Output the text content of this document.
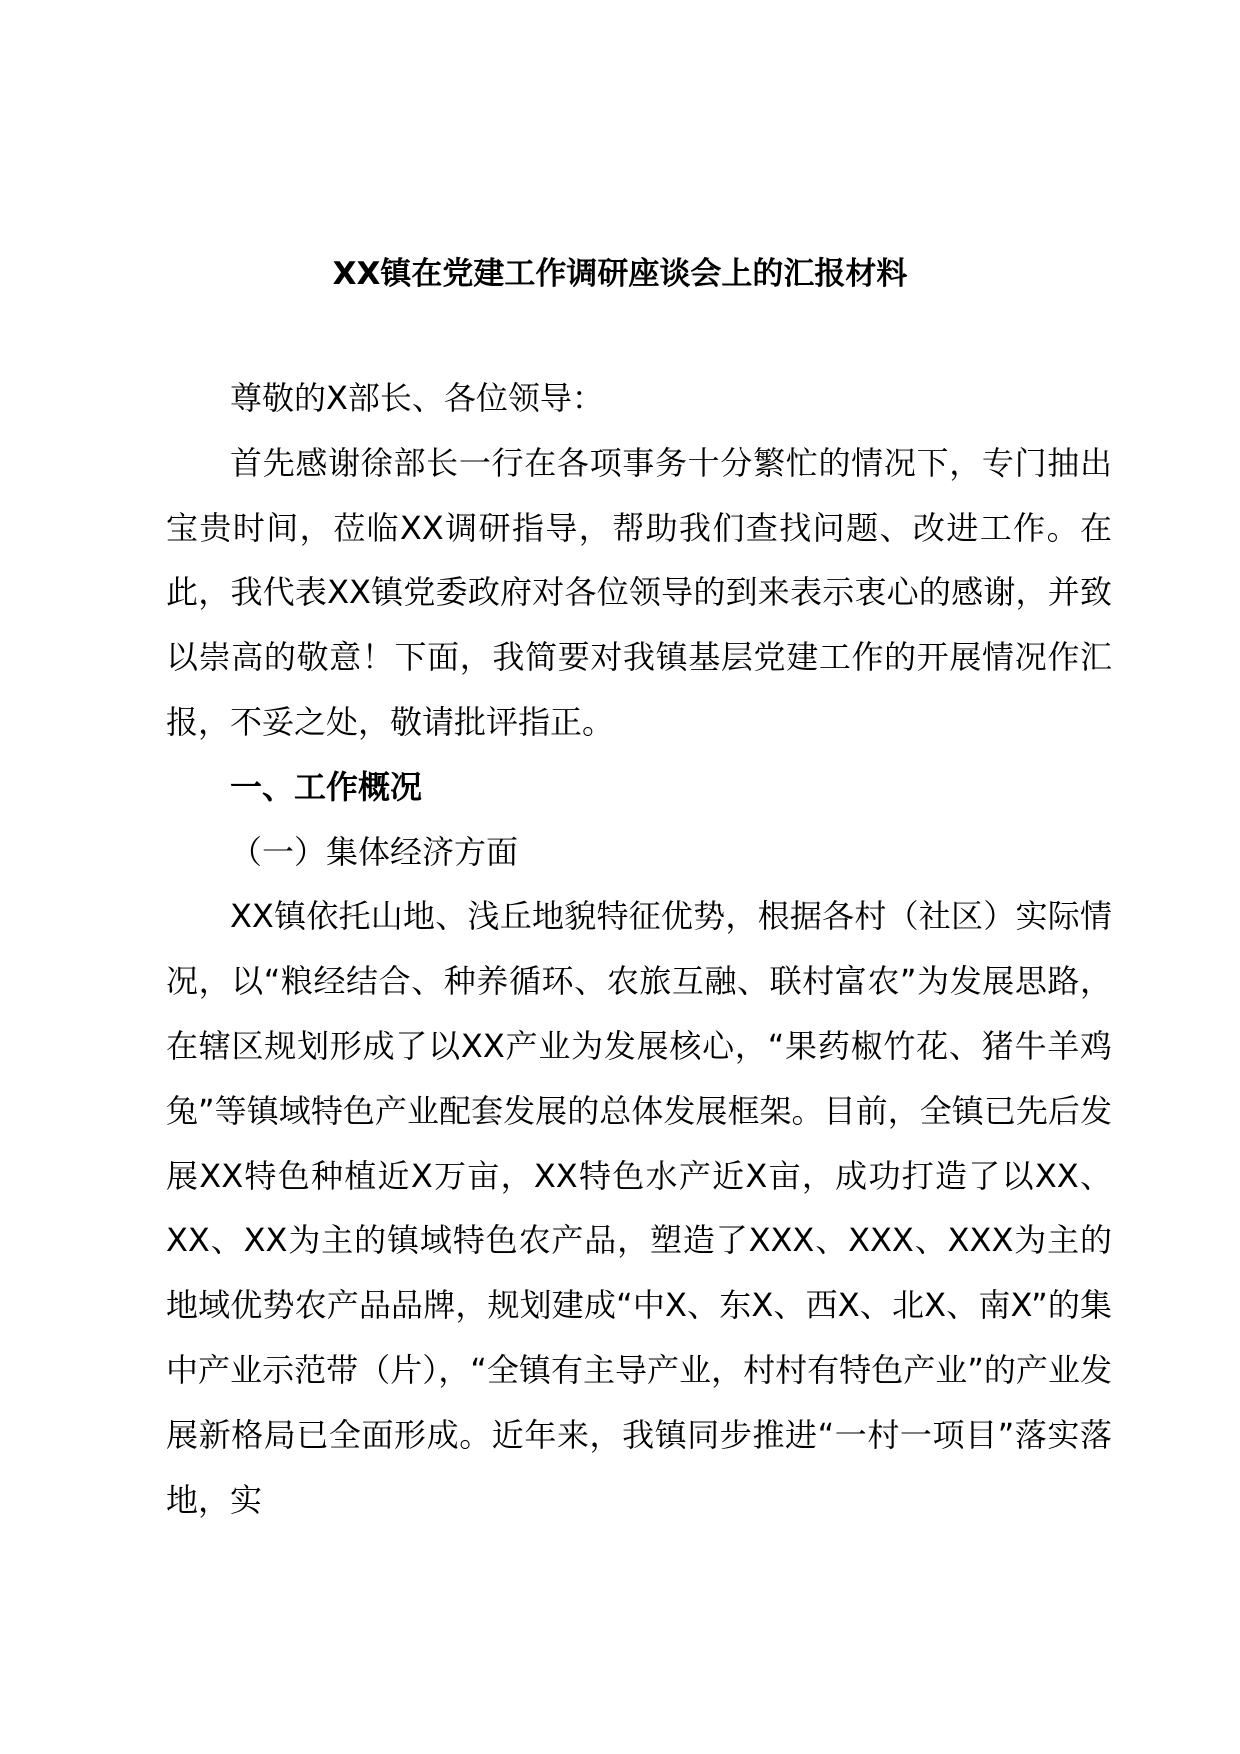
XX镇在党建工作调研座谈会上的汇报材料

尊敬的X部长、各位领导：

首先感谢徐部长一行在各项事务十分繁忙的情况下，专门抽出宝贵时间，莅临XX调研指导，帮助我们查找问题、改进工作。在此，我代表XX镇党委政府对各位领导的到来表示衷心的感谢，并致以崇高的敬意！下面，我简要对我镇基层党建工作的开展情况作汇报，不妥之处，敬请批评指正。

一、工作概况

（一）集体经济方面

XX镇依托山地、浅丘地貌特征优势，根据各村（社区）实际情况，以“粮经结合、种养循环、农旅互融、联村富农”为发展思路，在辖区规划形成了以XX产业为发展核心，“果药椒竹花、猪牛羊鸡兔”等镇域特色产业配套发展的总体发展框架。目前，全镇已先后发展XX特色种植近X万亩，XX特色水产近X亩，成功打造了以XX、XX、XX为主的镇域特色农产品，塑造了XXX、XXX、XXX为主的地域优势农产品品牌，规划建成“中X、东X、西X、北X、南X”的集中产业示范带（片），“全镇有主导产业，村村有特色产业”的产业发展新格局已全面形成。近年来，我镇同步推进“一村一项目”落实落地，实
